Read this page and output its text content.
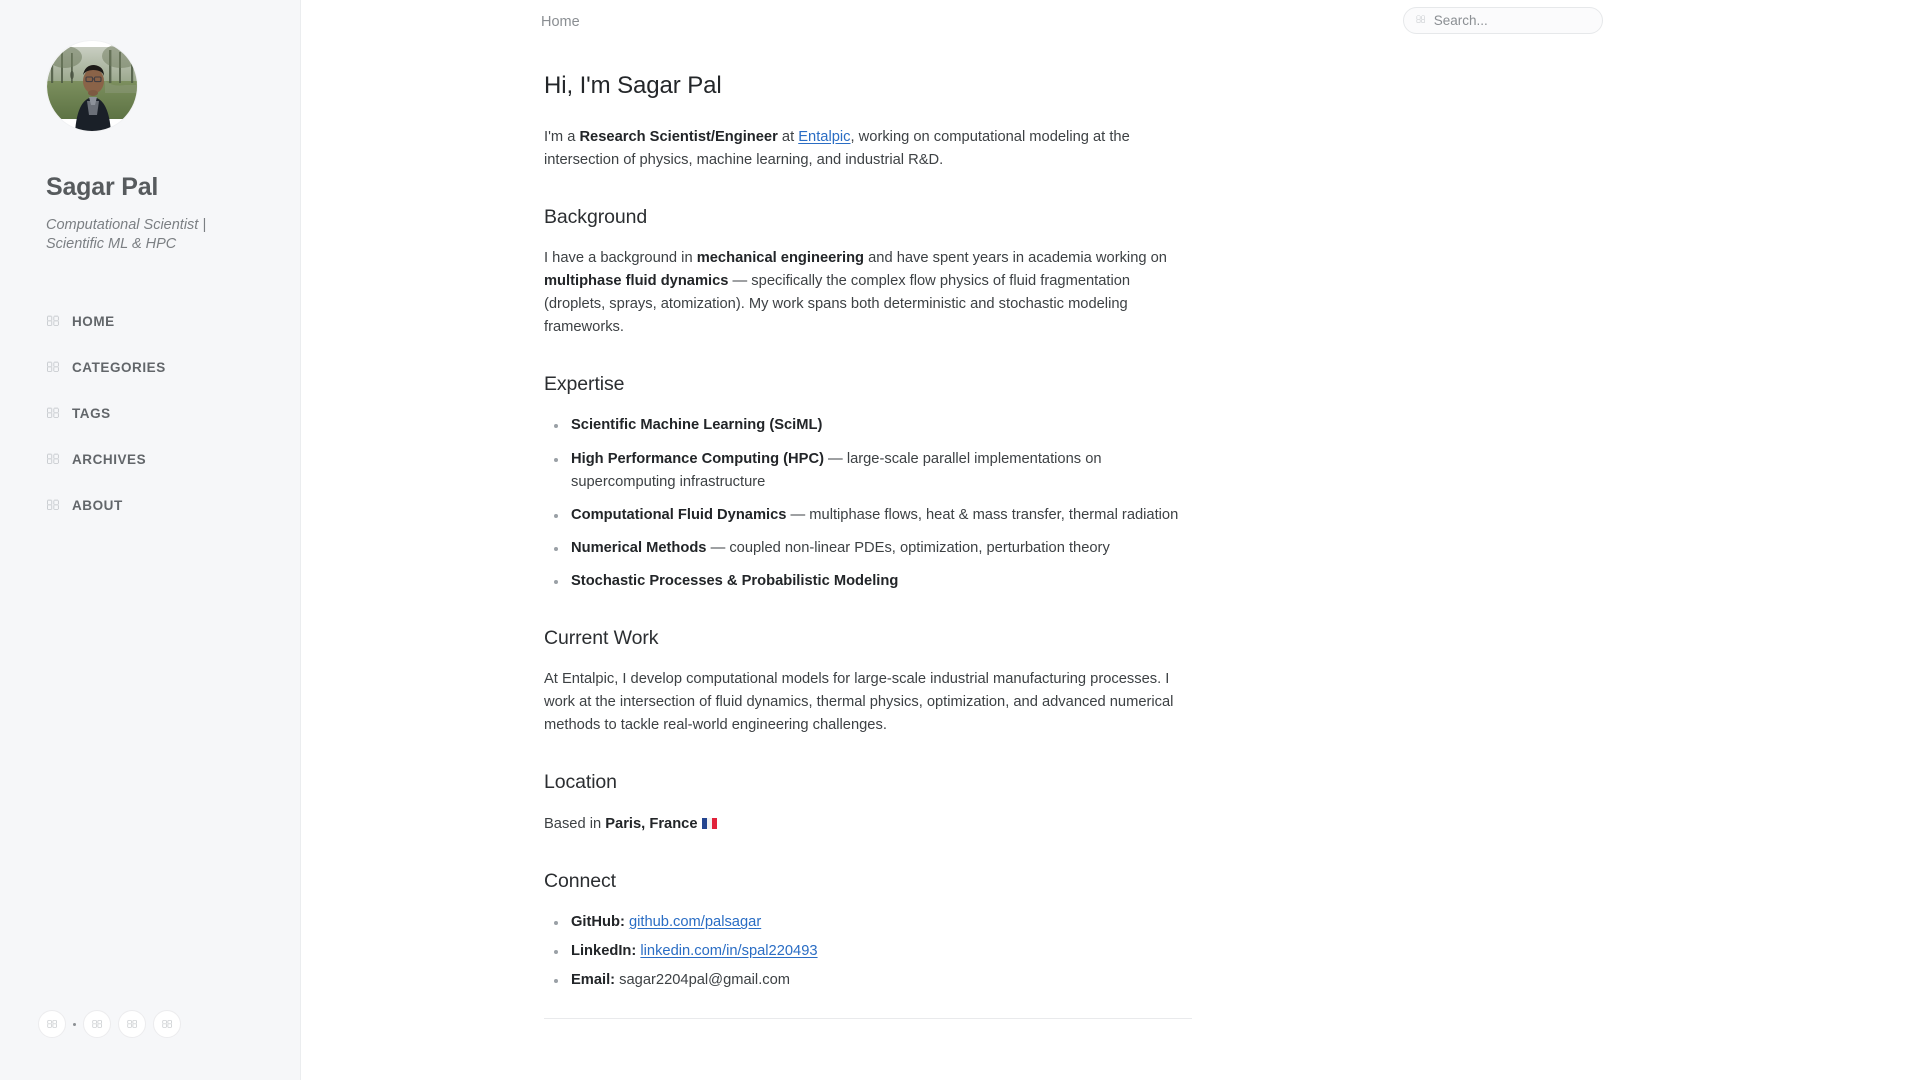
Sagar Pal
Computational Scientist | Scientific ML & HPC
HOME
CATEGORIES
TAGS
ARCHIVES
ABOUT
Home
Search...
Hi, I'm Sagar Pal

I'm a Research Scientist/Engineer at Entalpic, working on computational modeling at the intersection of physics, machine learning, and industrial R&D.

Background

I have a background in mechanical engineering and have spent years in academia working on multiphase fluid dynamics — specifically the complex flow physics of fluid fragmentation (droplets, sprays, atomization). My work spans both deterministic and stochastic modeling frameworks.

Expertise
Scientific Machine Learning (SciML)
High Performance Computing (HPC) — large-scale parallel implementations on supercomputing infrastructure
Computational Fluid Dynamics — multiphase flows, heat & mass transfer, thermal radiation
Numerical Methods — coupled non-linear PDEs, optimization, perturbation theory
Stochastic Processes & Probabilistic Modeling
Current Work

At Entalpic, I develop computational models for large-scale industrial manufacturing processes. I work at the intersection of fluid dynamics, thermal physics, optimization, and advanced numerical methods to tackle real-world engineering challenges.

Location

Based in Paris, France

Connect
GitHub: github.com/palsagar
LinkedIn: linkedin.com/in/spal220493
Email: sagar2204pal@gmail.com
